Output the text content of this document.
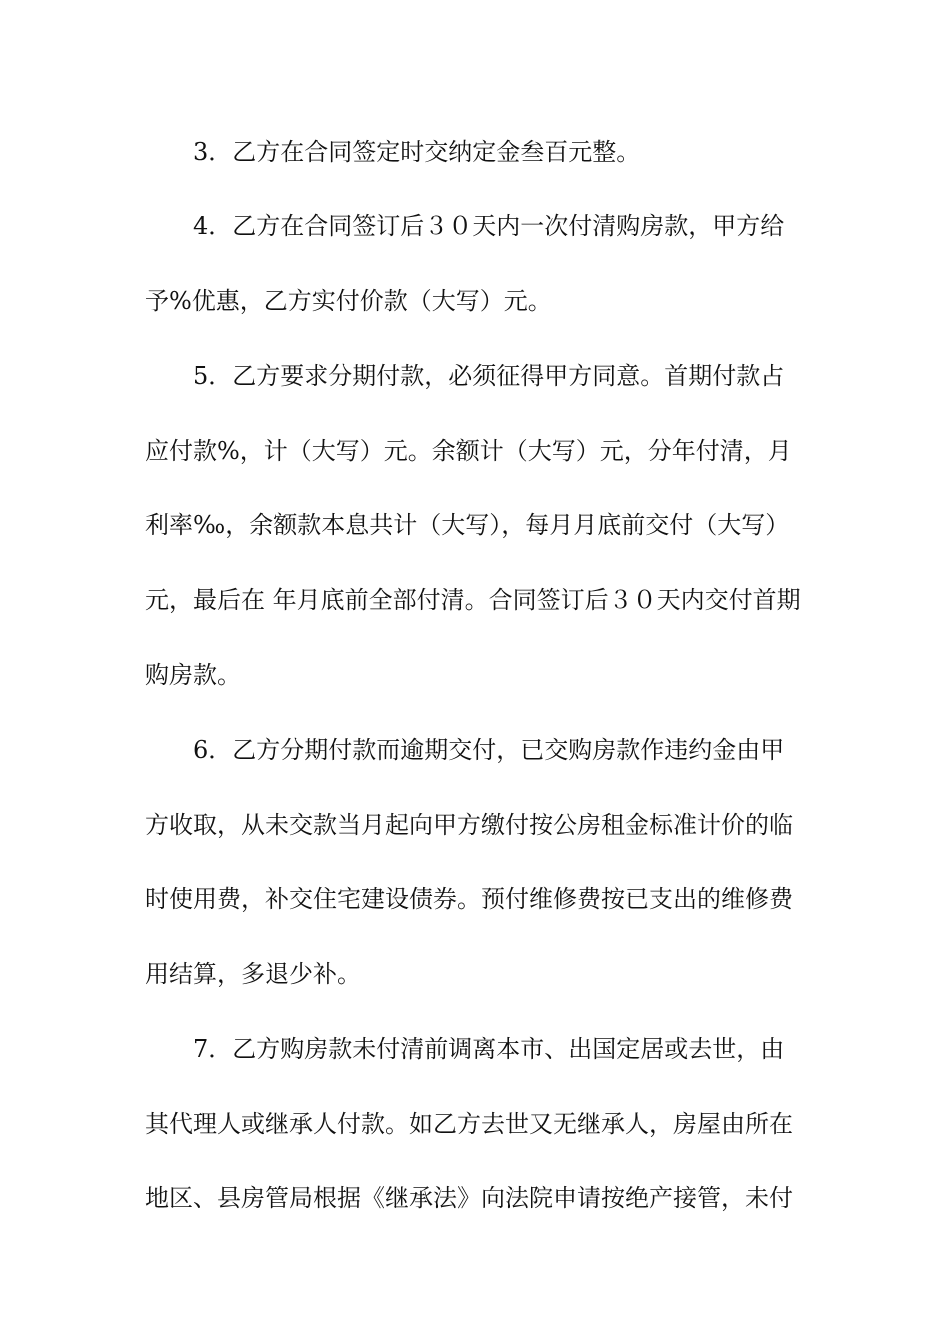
3．乙方在合同签定时交纳定金叁百元整。
4．乙方在合同签订后３０天内一次付清购房款，甲方给
予%优惠，乙方实付价款（大写）元。
5．乙方要求分期付款，必须征得甲方同意。首期付款占
应付款%，计（大写）元。余额计（大写）元，分年付清，月
利率‰，余额款本息共计（大写），每月月底前交付（大写）
元，最后在 年月底前全部付清。合同签订后３０天内交付首期
购房款。
6．乙方分期付款而逾期交付，已交购房款作违约金由甲
方收取，从未交款当月起向甲方缴付按公房租金标准计价的临
时使用费，补交住宅建设债券。预付维修费按已支出的维修费
用结算，多退少补。
7．乙方购房款未付清前调离本市、出国定居或去世，由
其代理人或继承人付款。如乙方去世又无继承人，房屋由所在
地区、县房管局根据《继承法》向法院申请按绝产接管，未付
